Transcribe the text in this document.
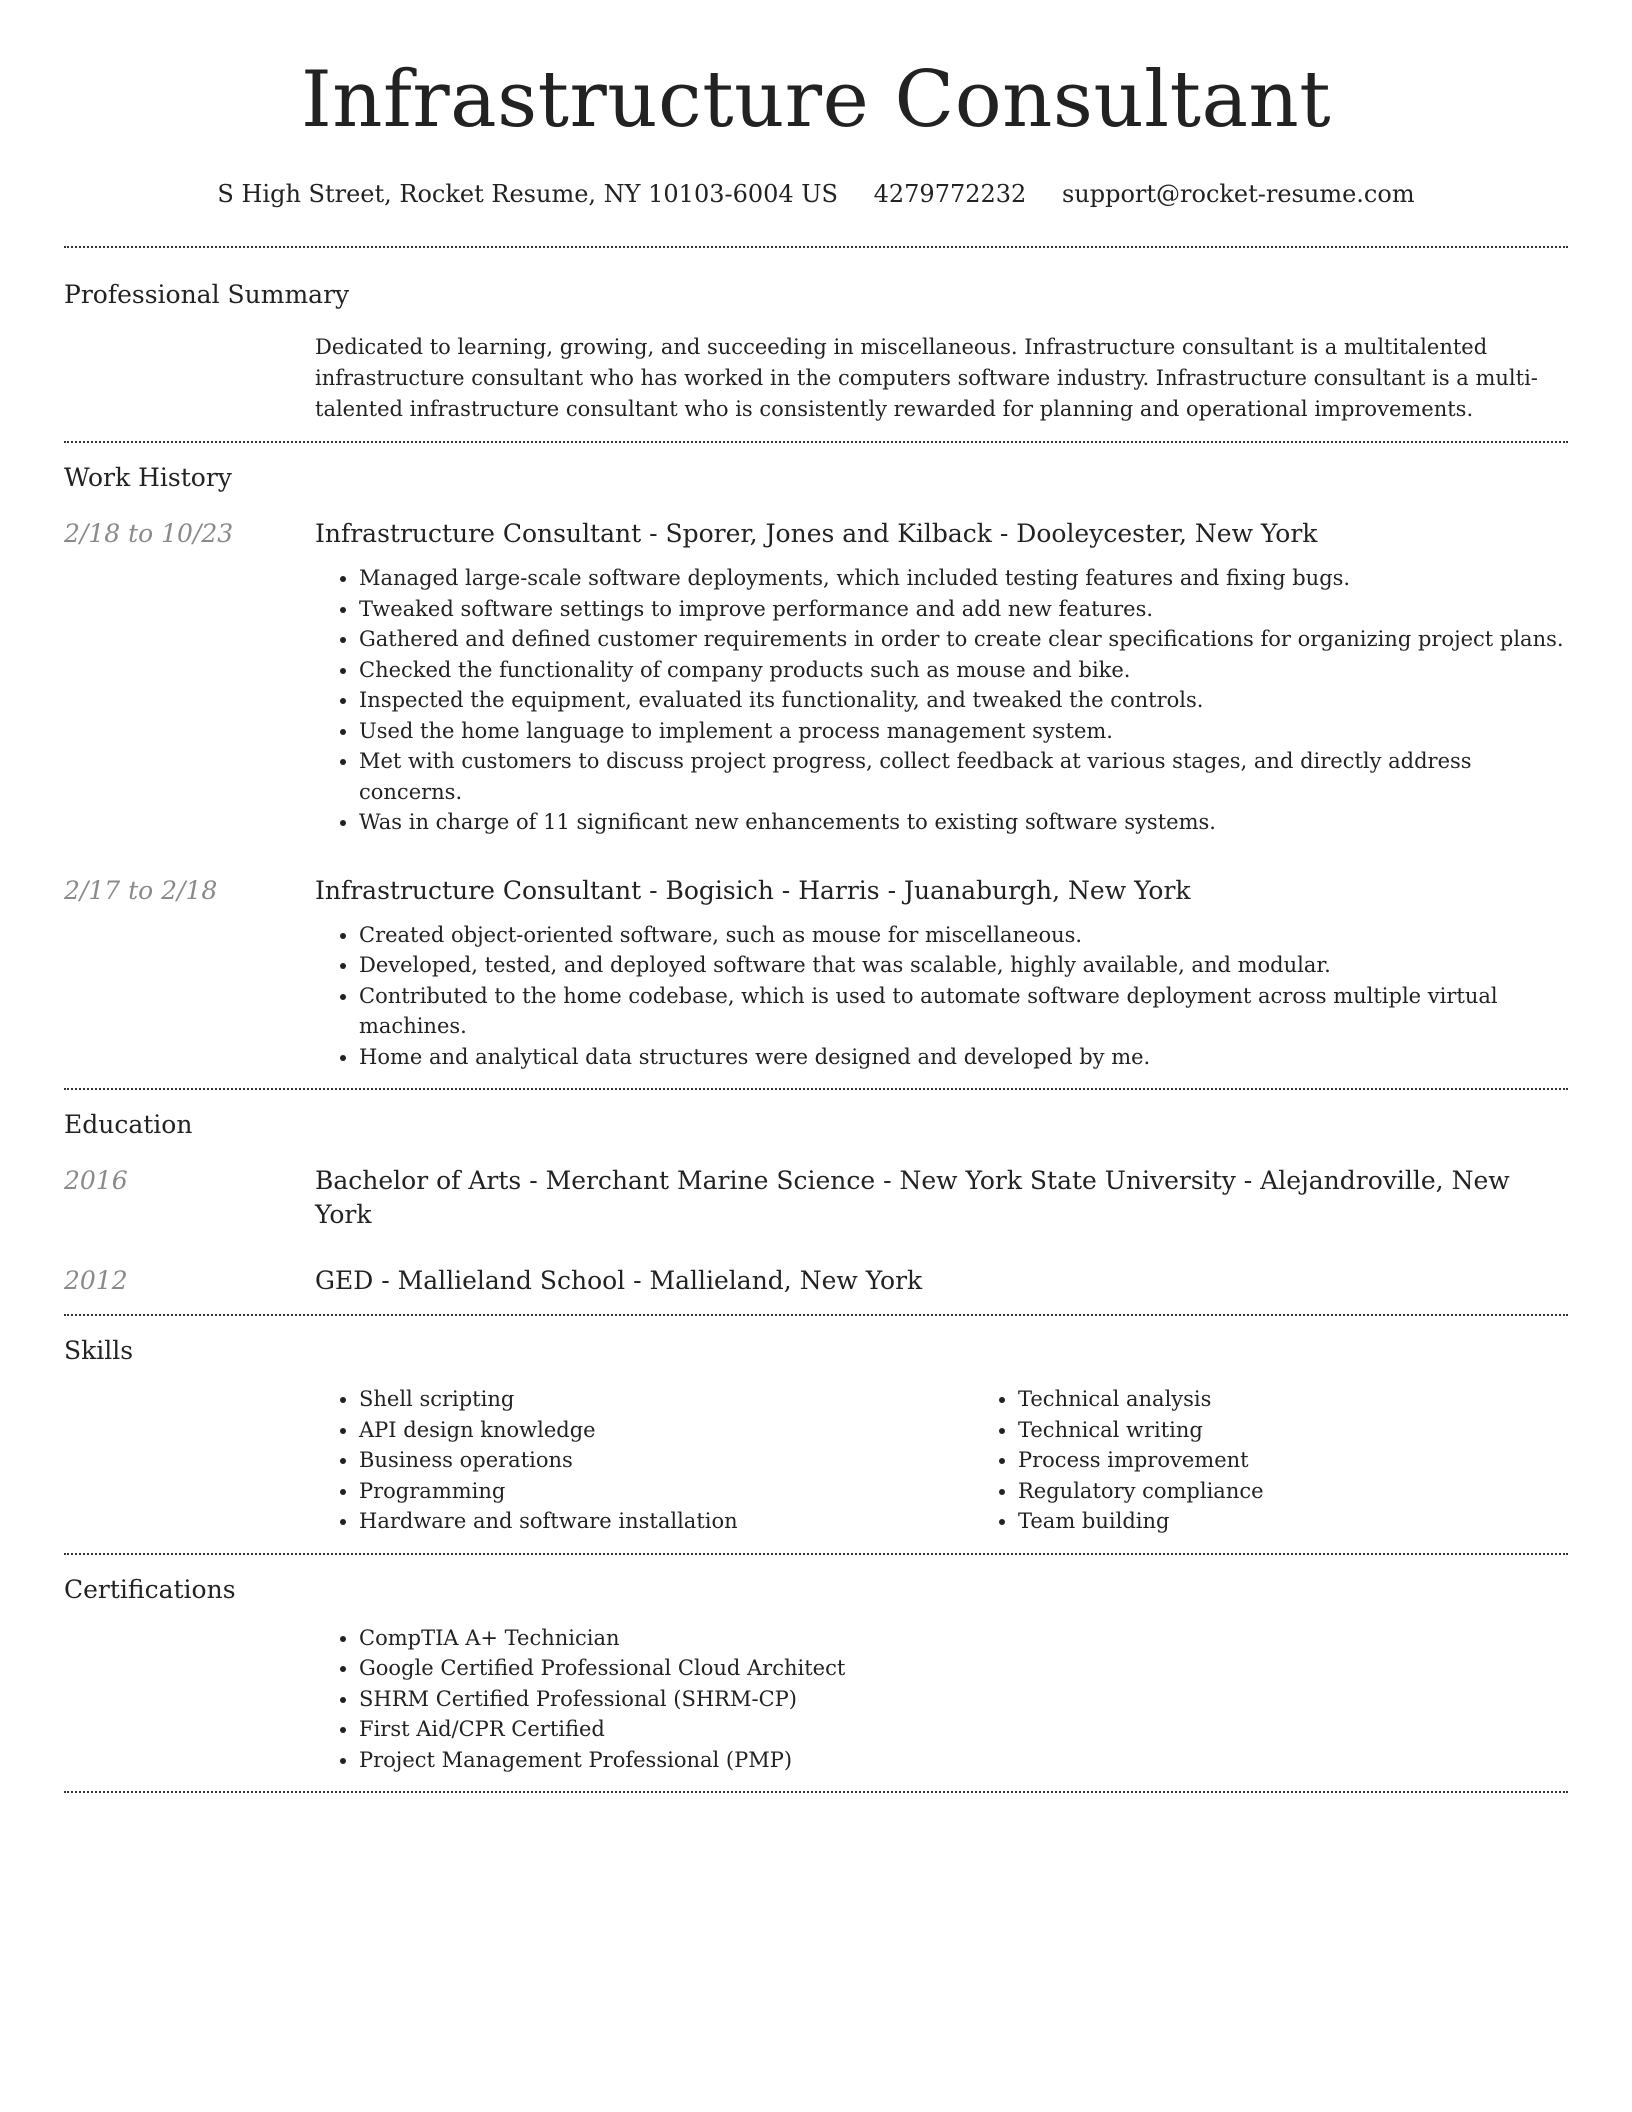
Infrastructure Consultant
S High Street, Rocket Resume, NY 10103-6004 US 4279772232 support@rocket-resume.com
Professional Summary

Dedicated to learning, growing, and succeeding in miscellaneous. Infrastructure consultant is a multitalented infrastructure consultant who has worked in the computers software industry. Infrastructure consultant is a multi-talented infrastructure consultant who is consistently rewarded for planning and operational improvements.

Work History
2/18 to 10/23	Infrastructure Consultant - Sporer, Jones and Kilback - Dooleycester, New York

• Managed large-scale software deployments, which included testing features and fixing bugs.
• Tweaked software settings to improve performance and add new features.
• Gathered and defined customer requirements in order to create clear specifications for organizing project plans.
• Checked the functionality of company products such as mouse and bike.
• Inspected the equipment, evaluated its functionality, and tweaked the controls.
• Used the home language to implement a process management system.
• Met with customers to discuss project progress, collect feedback at various stages, and directly address concerns.
• Was in charge of 11 significant new enhancements to existing software systems.
2/17 to 2/18	Infrastructure Consultant - Bogisich - Harris - Juanaburgh, New York

• Created object-oriented software, such as mouse for miscellaneous.
• Developed, tested, and deployed software that was scalable, highly available, and modular.
• Contributed to the home codebase, which is used to automate software deployment across multiple virtual machines.
• Home and analytical data structures were designed and developed by me.
Education
2016	Bachelor of Arts - Merchant Marine Science - New York State University - Alejandroville, New York

2012	GED - Mallieland School - Mallieland, New York

Skills
• Shell scripting
• API design knowledge
• Business operations
• Programming
• Hardware and software installation
• Technical analysis
• Technical writing
• Process improvement
• Regulatory compliance
• Team building
Certifications
• CompTIA A+ Technician
• Google Certified Professional Cloud Architect
• SHRM Certified Professional (SHRM-CP)
• First Aid/CPR Certified
• Project Management Professional (PMP)
